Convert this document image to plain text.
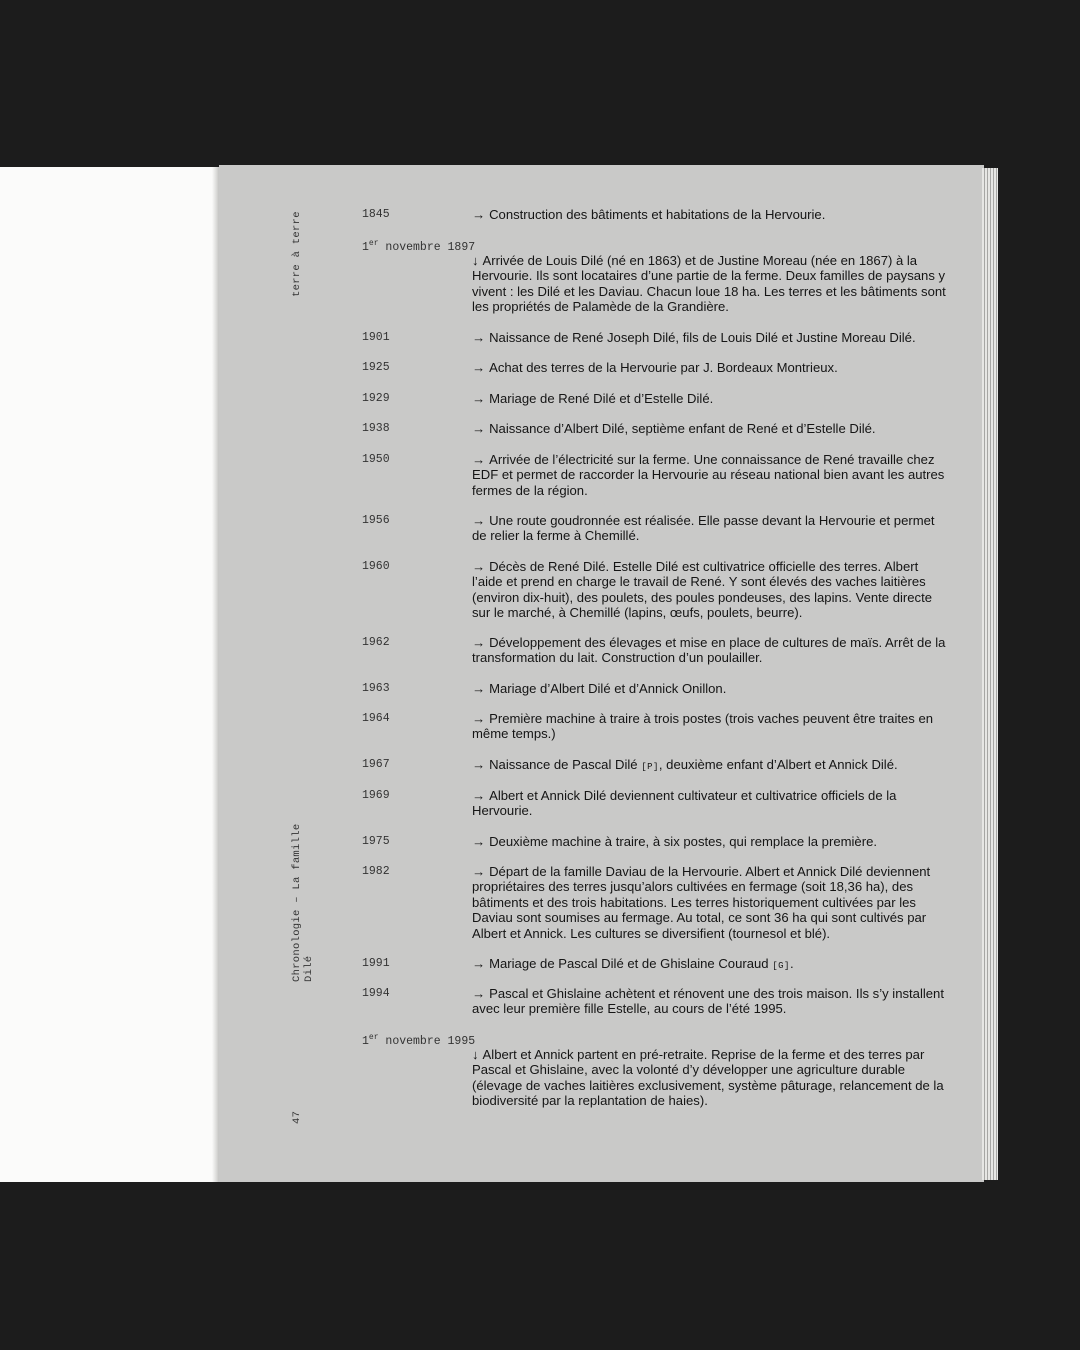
terre à terre
Chronologie – La famille Dilé
47
1845	→ Construction des bâtiments et habitations de la Hervourie.
1er novembre 1897
↓ Arrivée de Louis Dilé (né en 1863) et de Justine Moreau (née en 1867) à la Hervourie. Ils sont locataires d’une partie de la ferme. Deux familles de paysans y vivent : les Dilé et les Daviau. Chacun loue 18 ha. Les terres et les bâtiments sont les propriétés de Palamède de la Grandière.
1901	→ Naissance de René Joseph Dilé, fils de Louis Dilé et Justine Moreau Dilé.
1925	→ Achat des terres de la Hervourie par J. Bordeaux Montrieux.
1929	→ Mariage de René Dilé et d’Estelle Dilé.
1938	→ Naissance d’Albert Dilé, septième enfant de René et d’Estelle Dilé.
1950	→ Arrivée de l’électricité sur la ferme. Une connaissance de René travaille chez EDF et permet de raccorder la Hervourie au réseau national bien avant les autres fermes de la région.
1956	→ Une route goudronnée est réalisée. Elle passe devant la Hervourie et permet de relier la ferme à Chemillé.
1960	→ Décès de René Dilé. Estelle Dilé est cultivatrice officielle des terres. Albert l’aide et prend en charge le travail de René. Y sont élevés des vaches laitières (environ dix-huit), des poulets, des poules pondeuses, des lapins. Vente directe sur le marché, à Chemillé (lapins, œufs, poulets, beurre).
1962	→ Développement des élevages et mise en place de cultures de maïs. Arrêt de la transformation du lait. Construction d’un poulailler.
1963	→ Mariage d’Albert Dilé et d’Annick Onillon.
1964	→ Première machine à traire à trois postes (trois vaches peuvent être traites en même temps.)
1967	→ Naissance de Pascal Dilé [P], deuxième enfant d’Albert et Annick Dilé.
1969	→ Albert et Annick Dilé deviennent cultivateur et cultivatrice officiels de la Hervourie.
1975	→ Deuxième machine à traire, à six postes, qui remplace la première.
1982	→ Départ de la famille Daviau de la Hervourie. Albert et Annick Dilé deviennent propriétaires des terres jusqu’alors cultivées en fermage (soit 18,36 ha), des bâtiments et des trois habitations. Les terres historiquement cultivées par les Daviau sont soumises au fermage. Au total, ce sont 36 ha qui sont cultivés par Albert et Annick. Les cultures se diversifient (tournesol et blé).
1991	→ Mariage de Pascal Dilé et de Ghislaine Couraud [G].
1994	→ Pascal et Ghislaine achètent et rénovent une des trois maison. Ils s’y installent avec leur première fille Estelle, au cours de l’été 1995.
1er novembre 1995
↓ Albert et Annick partent en pré-retraite. Reprise de la ferme et des terres par Pascal et Ghislaine, avec la volonté d’y développer une agriculture durable (élevage de vaches laitières exclusivement, système pâturage, relancement de la biodiversité par la replantation de haies).
